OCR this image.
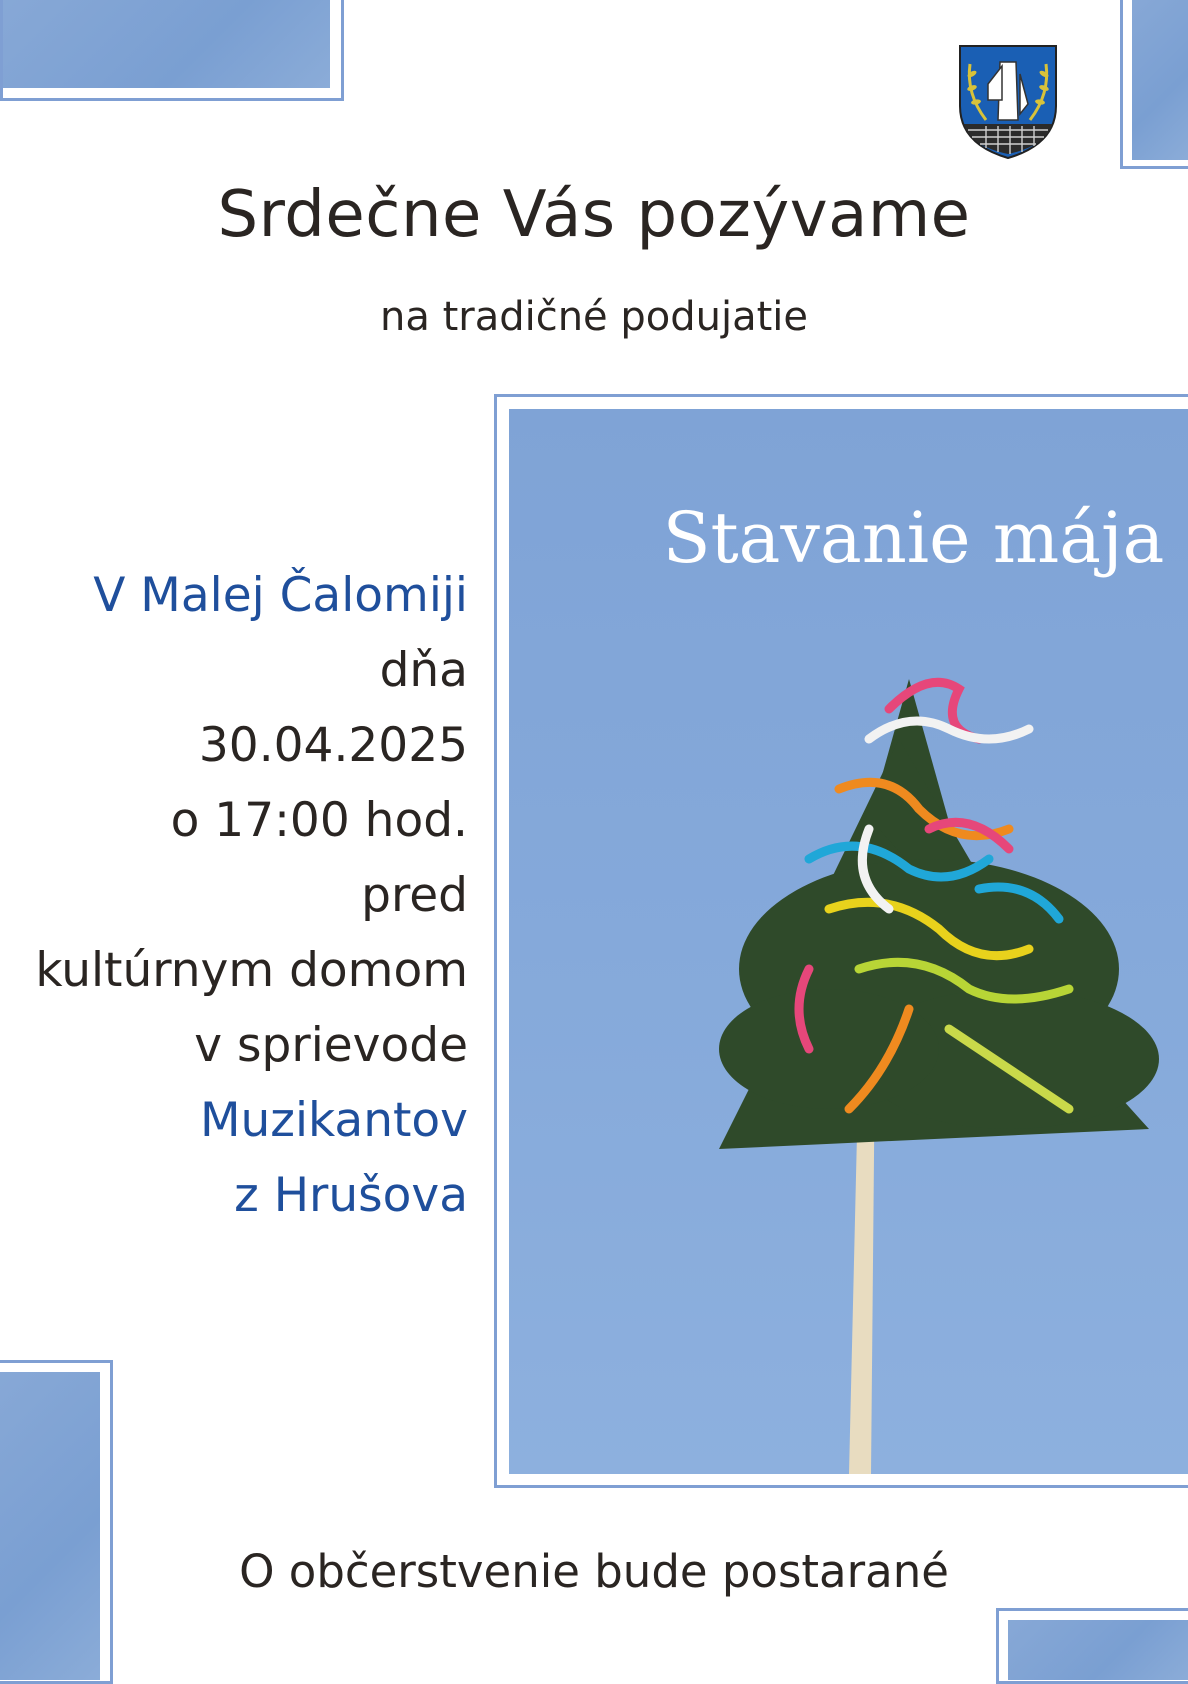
Srdečne Vás pozývame
na tradičné podujatie
Stavanie mája
V Malej Čalomiji
dňa
30.04.2025
o 17:00 hod.
pred
kultúrnym domom
v sprievode
Muzikantov
z Hrušova
O občerstvenie bude postarané
